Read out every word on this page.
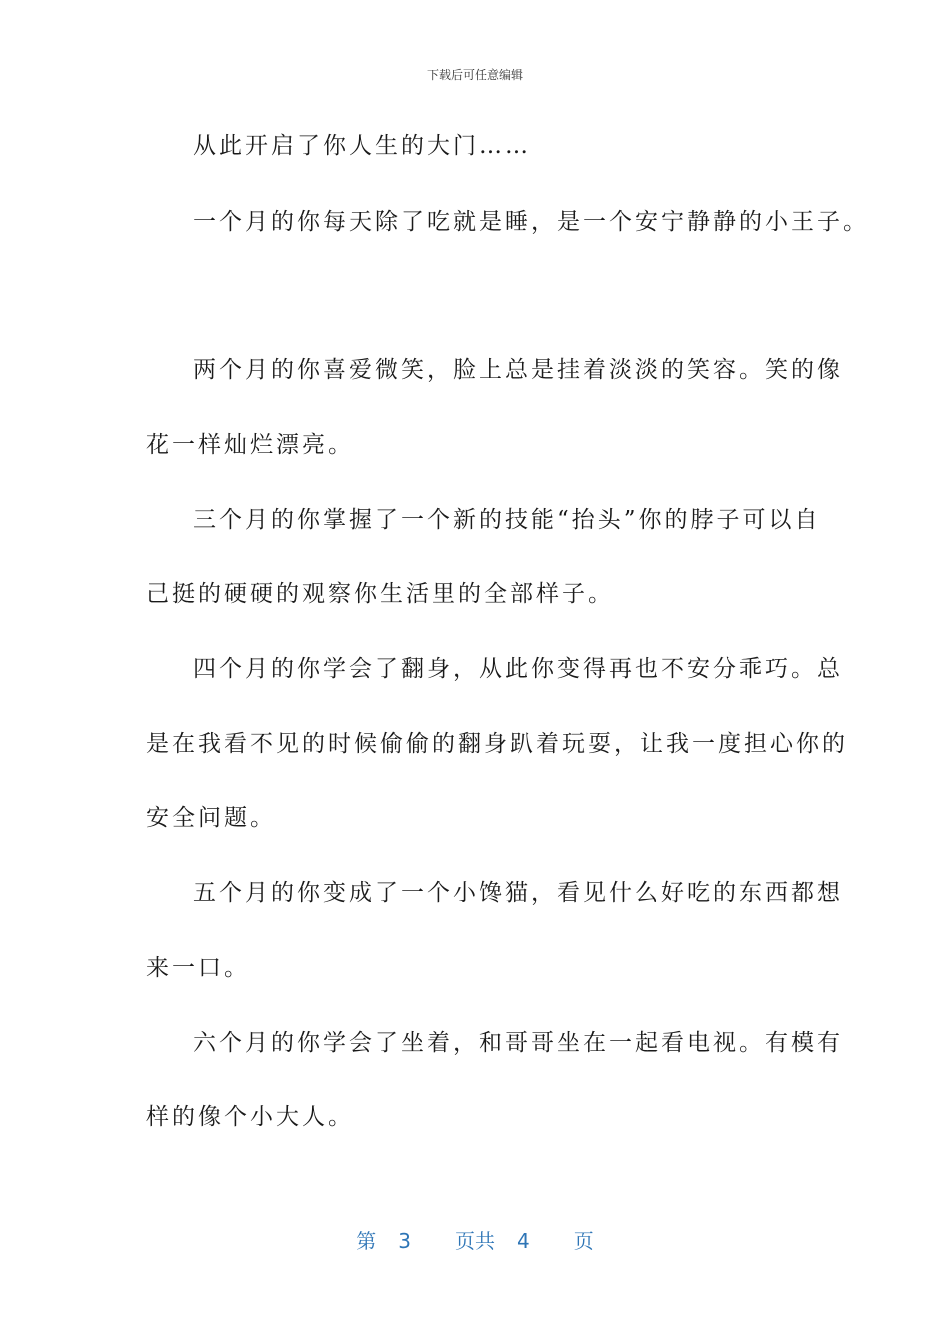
下载后可任意编辑
从此开启了你人生的大门……
一个月的你每天除了吃就是睡，是一个安宁静静的小王子。
两个月的你喜爱微笑，脸上总是挂着淡淡的笑容。笑的像
花一样灿烂漂亮。
三个月的你掌握了一个新的技能“抬头”你的脖子可以自
己挺的硬硬的观察你生活里的全部样子。
四个月的你学会了翻身，从此你变得再也不安分乖巧。总
是在我看不见的时候偷偷的翻身趴着玩耍，让我一度担心你的
安全问题。
五个月的你变成了一个小馋猫，看见什么好吃的东西都想
来一口。
六个月的你学会了坐着，和哥哥坐在一起看电视。有模有
样的像个小大人。
第 3 页共 4 页
